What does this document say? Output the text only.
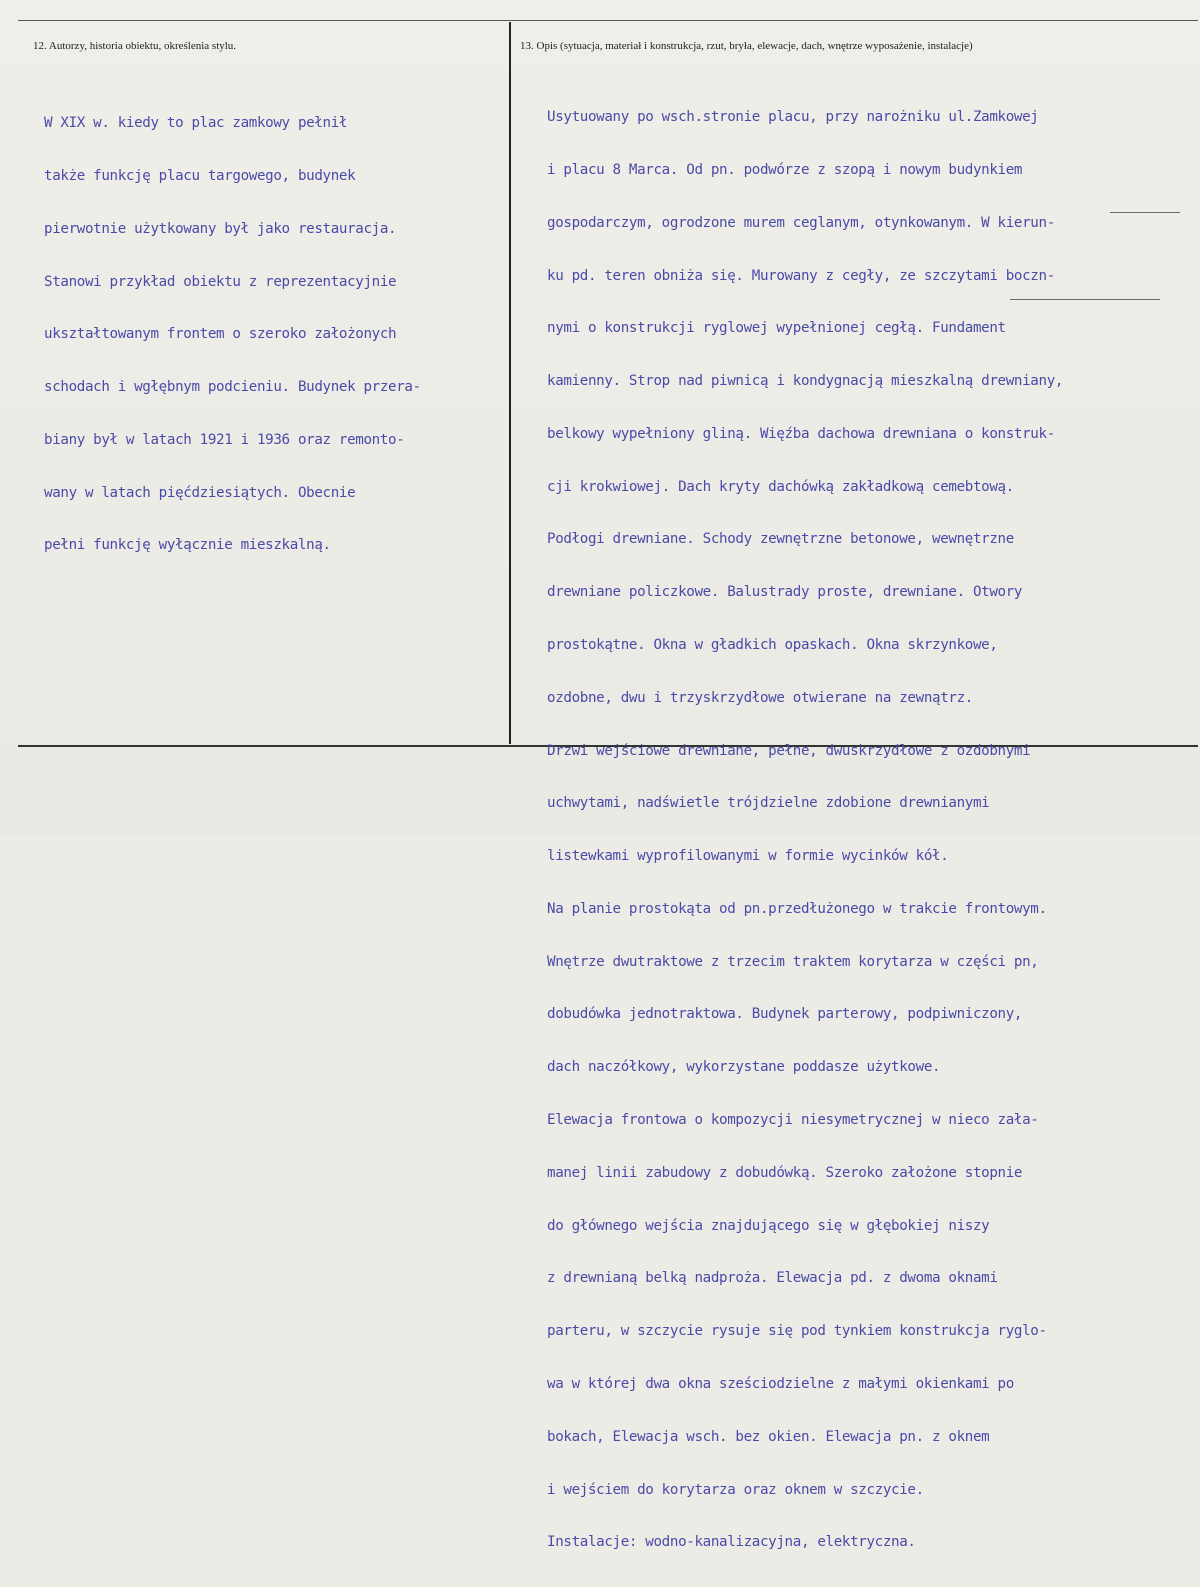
12. Autorzy, historia obiektu, określenia stylu.	13. Opis (sytuacja, materiał i konstrukcja, rzut, bryła, elewacje, dach, wnętrze wyposażenie, instalacje)

W XIX w. kiedy to plac zamkowy pełnił

także funkcję placu targowego, budynek

pierwotnie użytkowany był jako restauracja.

Stanowi przykład obiektu z reprezentacyjnie

ukształtowanym frontem o szeroko założonych

schodach i wgłębnym podcieniu. Budynek przera-

biany był w latach 1921 i 1936 oraz remonto-

wany w latach pięćdziesiątych. Obecnie

pełni funkcję wyłącznie mieszkalną.

Usytuowany po wsch.stronie placu, przy narożniku ul.Zamkowej

i placu 8 Marca. Od pn. podwórze z szopą i nowym budynkiem

gospodarczym, ogrodzone murem ceglanym, otynkowanym. W kierun-

ku pd. teren obniża się. Murowany z cegły, ze szczytami boczn-

nymi o konstrukcji ryglowej wypełnionej cegłą. Fundament

kamienny. Strop nad piwnicą i kondygnacją mieszkalną drewniany,

belkowy wypełniony gliną. Więźba dachowa drewniana o konstruk-

cji krokwiowej. Dach kryty dachówką zakładkową cemebtową.

Podłogi drewniane. Schody zewnętrzne betonowe, wewnętrzne

drewniane policzkowe. Balustrady proste, drewniane. Otwory

prostokątne. Okna w gładkich opaskach. Okna skrzynkowe,

ozdobne, dwu i trzyskrzydłowe otwierane na zewnątrz.

Drzwi wejściowe drewniane, pełne, dwuskrzydłowe z ozdobnymi

uchwytami, nadświetle trójdzielne zdobione drewnianymi

listewkami wyprofilowanymi w formie wycinków kół.

Na planie prostokąta od pn.przedłużonego w trakcie frontowym.

Wnętrze dwutraktowe z trzecim traktem korytarza w części pn,

dobudówka jednotraktowa. Budynek parterowy, podpiwniczony,

dach naczółkowy, wykorzystane poddasze użytkowe.

Elewacja frontowa o kompozycji niesymetrycznej w nieco zała-

manej linii zabudowy z dobudówką. Szeroko założone stopnie

do głównego wejścia znajdującego się w głębokiej niszy

z drewnianą belką nadproża. Elewacja pd. z dwoma oknami

parteru, w szczycie rysuje się pod tynkiem konstrukcja ryglo-

wa w której dwa okna sześciodzielne z małymi okienkami po

bokach, Elewacja wsch. bez okien. Elewacja pn. z oknem

i wejściem do korytarza oraz oknem w szczycie.

Instalacje: wodno-kanalizacyjna, elektryczna.
